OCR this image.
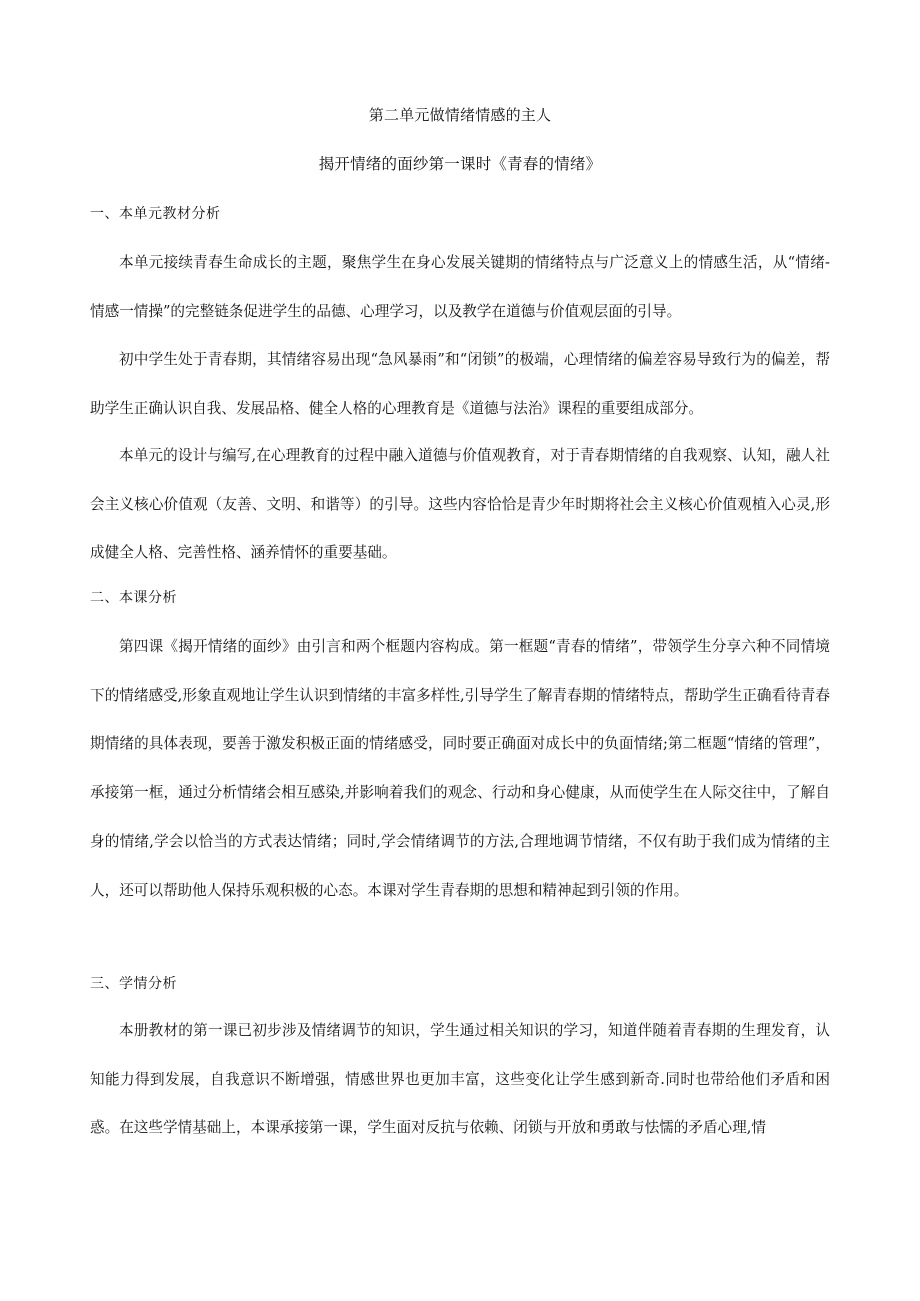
第二单元做情绪情感的主人
揭开情绪的面纱第一课时《青春的情绪》
一、本单元教材分析

本单元接续青春生命成长的主题，聚焦学生在身心发展关键期的情绪特点与广泛意义上的情感生活，从“情绪-情感一情操”的完整链条促进学生的品德、心理学习，以及教学在道德与价值观层面的引导。

初中学生处于青春期，其情绪容易出现“急风暴雨”和“闭锁”的极端，心理情绪的偏差容易导致行为的偏差，帮助学生正确认识自我、发展品格、健全人格的心理教育是《道德与法治》课程的重要组成部分。

本单元的设计与编写,在心理教育的过程中融入道德与价值观教育，对于青春期情绪的自我观察、认知，融人社会主义核心价值观（友善、文明、和谐等）的引导。这些内容恰恰是青少年时期将社会主义核心价值观植入心灵,形成健全人格、完善性格、涵养情怀的重要基础。

二、本课分析

第四课《揭开情绪的面纱》由引言和两个框题内容构成。第一框题“青春的情绪”，带领学生分享六种不同情境下的情绪感受,形象直观地让学生认识到情绪的丰富多样性,引导学生了解青春期的情绪特点，帮助学生正确看待青春期情绪的具体表现，要善于激发积极正面的情绪感受，同时要正确面对成长中的负面情绪;第二框题“情绪的管理”，承接第一框，通过分析情绪会相互感染,并影响着我们的观念、行动和身心健康，从而使学生在人际交往中，了解自身的情绪,学会以恰当的方式表达情绪；同时,学会情绪调节的方法,合理地调节情绪，不仅有助于我们成为情绪的主人，还可以帮助他人保持乐观积极的心态。本课对学生青春期的思想和精神起到引领的作用。

三、学情分析

本册教材的第一课已初步涉及情绪调节的知识，学生通过相关知识的学习，知道伴随着青春期的生理发育，认知能力得到发展，自我意识不断增强，情感世界也更加丰富，这些变化让学生感到新奇.同时也带给他们矛盾和困惑。在这些学情基础上，本课承接第一课，学生面对反抗与依赖、闭锁与开放和勇敢与怯懦的矛盾心理,情
